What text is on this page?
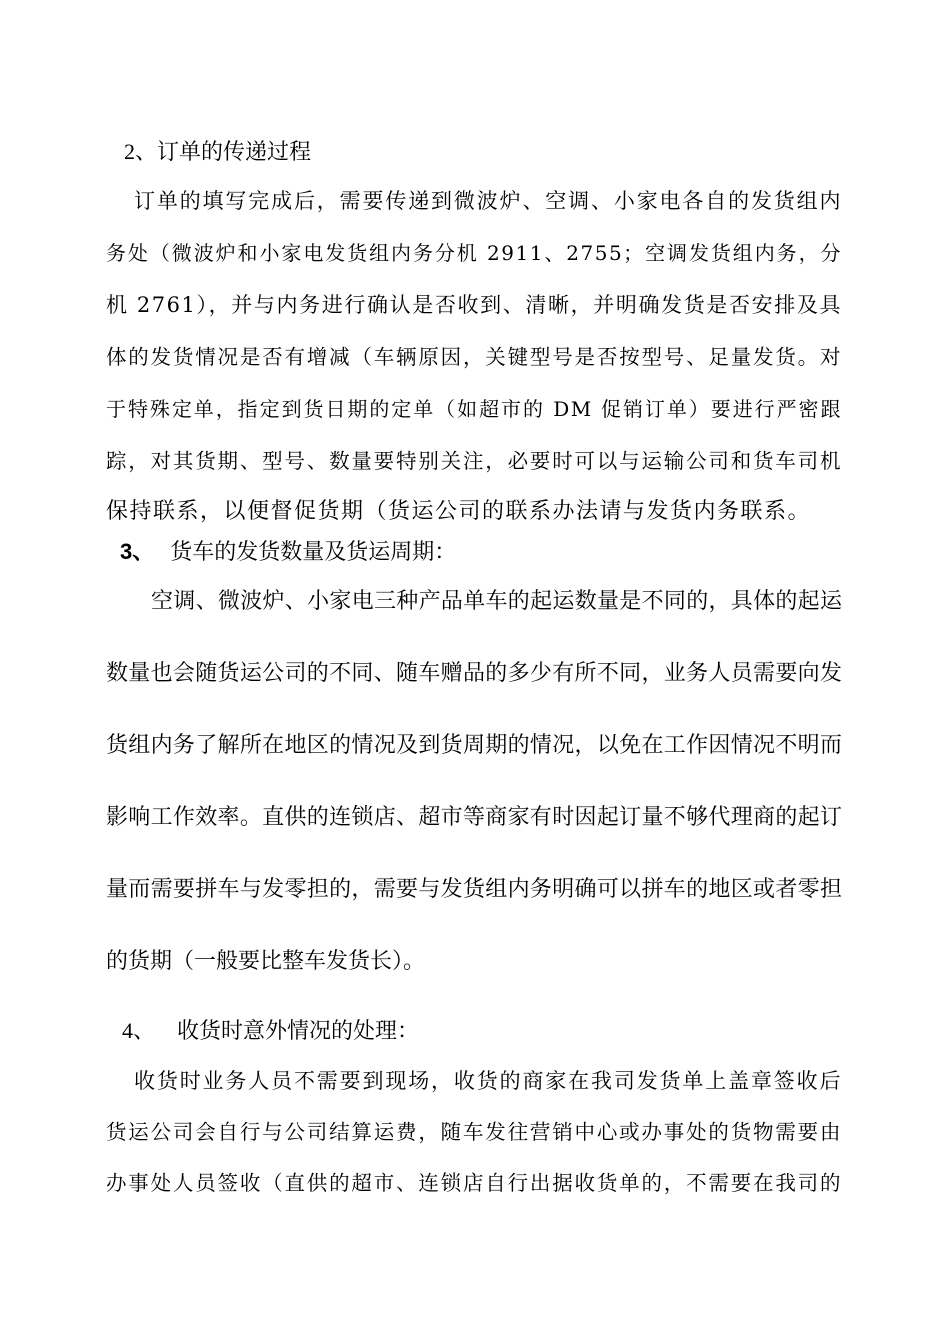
2、订单的传递过程
订单的填写完成后，需要传递到微波炉、空调、小家电各自的发货组内
务处（微波炉和小家电发货组内务分机 2911、2755；空调发货组内务，分
机 2761），并与内务进行确认是否收到、清晰，并明确发货是否安排及具
体的发货情况是否有增减（车辆原因，关键型号是否按型号、足量发货。对
于特殊定单，指定到货日期的定单（如超市的 DM 促销订单）要进行严密跟
踪，对其货期、型号、数量要特别关注，必要时可以与运输公司和货车司机
保持联系，以便督促货期（货运公司的联系办法请与发货内务联系。
3、 货车的发货数量及货运周期：
空调、微波炉、小家电三种产品单车的起运数量是不同的，具体的起运
数量也会随货运公司的不同、随车赠品的多少有所不同，业务人员需要向发
货组内务了解所在地区的情况及到货周期的情况，以免在工作因情况不明而
影响工作效率。直供的连锁店、超市等商家有时因起订量不够代理商的起订
量而需要拼车与发零担的，需要与发货组内务明确可以拼车的地区或者零担
的货期（一般要比整车发货长）。
4、 收货时意外情况的处理：
收货时业务人员不需要到现场，收货的商家在我司发货单上盖章签收后
货运公司会自行与公司结算运费，随车发往营销中心或办事处的货物需要由
办事处人员签收（直供的超市、连锁店自行出据收货单的，不需要在我司的
